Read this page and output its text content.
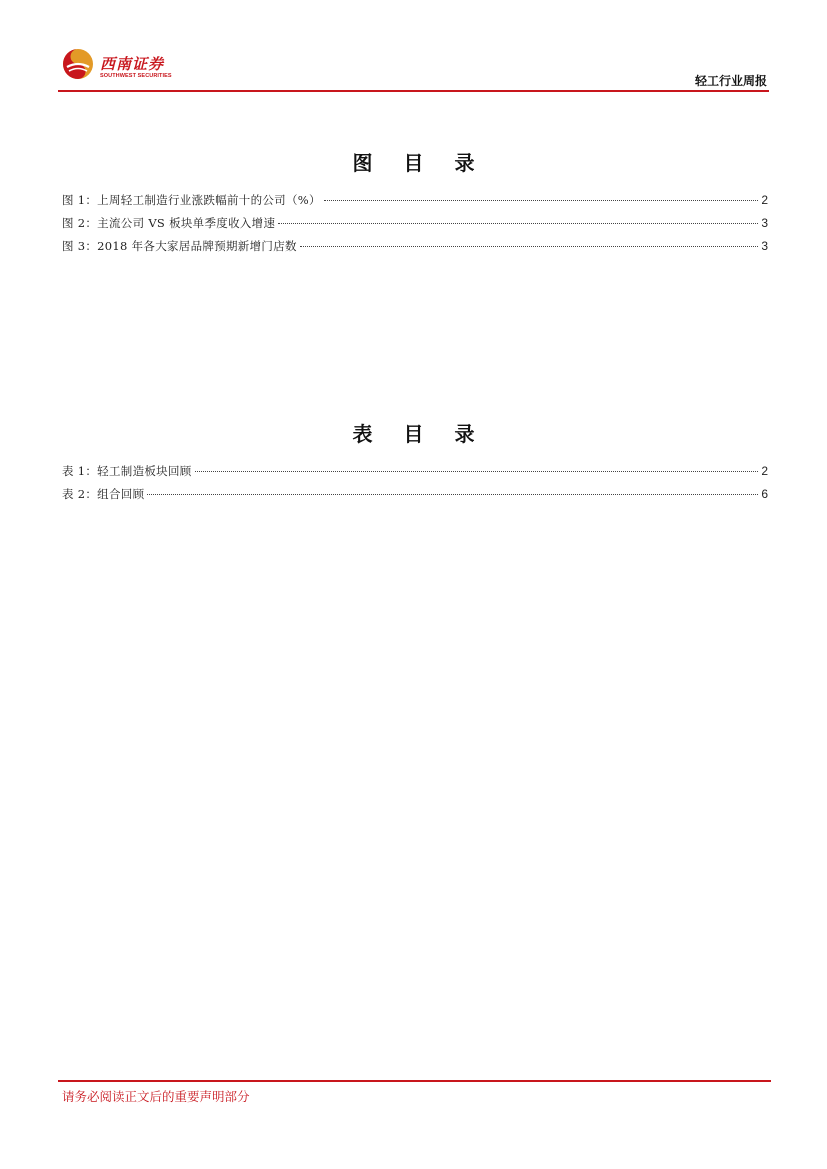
西南证券
SOUTHWEST SECURITIES	轻工行业周报
图 目 录
图 1：上周轻工制造行业涨跌幅前十的公司（%）	2
图 2：主流公司 VS 板块单季度收入增速	3
图 3：2018 年各大家居品牌预期新增门店数	3
表 目 录
表 1：轻工制造板块回顾	2
表 2：组合回顾	6
请务必阅读正文后的重要声明部分
